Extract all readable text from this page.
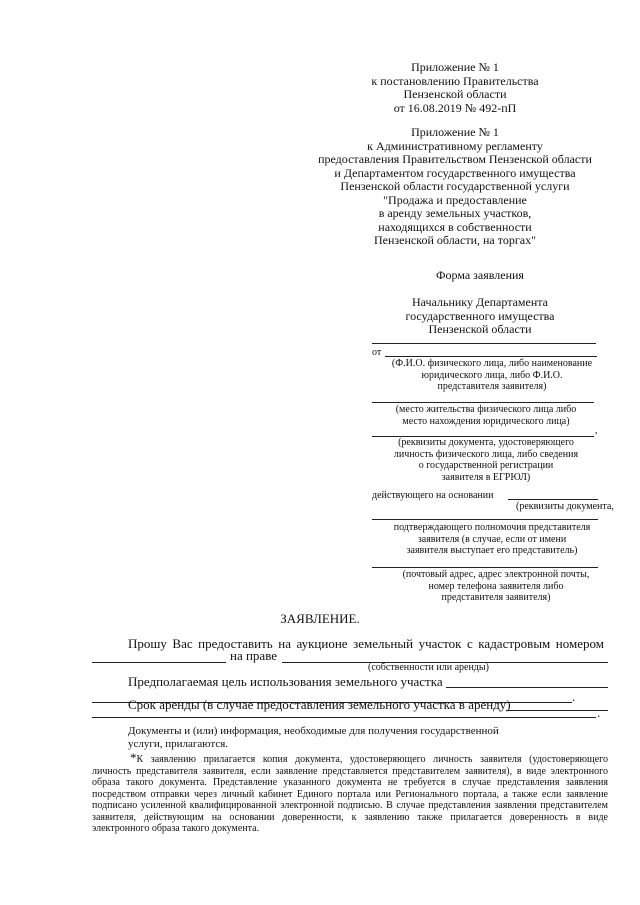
Приложение № 1
к постановлению Правительства
Пензенской области
от 16.08.2019 № 492-пП
Приложение № 1
к Административному регламенту
предоставления Правительством Пензенской области
и Департаментом государственного имущества
Пензенской области государственной услуги
"Продажа и предоставление
в аренду земельных участков,
находящихся в собственности
Пензенской области, на торгах"
Форма заявления
Начальнику Департамента
государственного имущества
Пензенской области
от
(Ф.И.О. физического лица, либо наименование
юридического лица, либо Ф.И.О.
представителя заявителя)
(место жительства физического лица либо
место нахождения юридического лица)
,
(реквизиты документа, удостоверяющего
личность физического лица, либо сведения
о государственной регистрации
заявителя в ЕГРЮЛ)
действующего на основании
(реквизиты документа,
подтверждающего полномочия представителя
заявителя (в случае, если от имени
заявителя выступает его представитель)
(почтовый адрес, адрес электронной почты,
номер телефона заявителя либо
представителя заявителя)
ЗАЯВЛЕНИЕ.
Прошу Вас предоставить на аукционе земельный участок с кадастровым номером
на праве
(собственности или аренды)
Предполагаемая цель использования земельного участка
.
Срок аренды (в случае предоставления земельного участка в аренду)
.
Документы и (или) информация, необходимые для получения государственной
услуги, прилагаются.
*К заявлению прилагается копия документа, удостоверяющего личность заявителя (удостоверяющего личность представителя заявителя, если заявление представляется представителем заявителя), в виде электронного образа такого документа. Представление указанного документа не требуется в случае представления заявления посредством отправки через личный кабинет Единого портала или Регионального портала, а также если заявление подписано усиленной квалифицированной электронной подписью. В случае представления заявления представителем заявителя, действующим на основании доверенности, к заявлению также прилагается доверенность в виде электронного образа такого документа.
